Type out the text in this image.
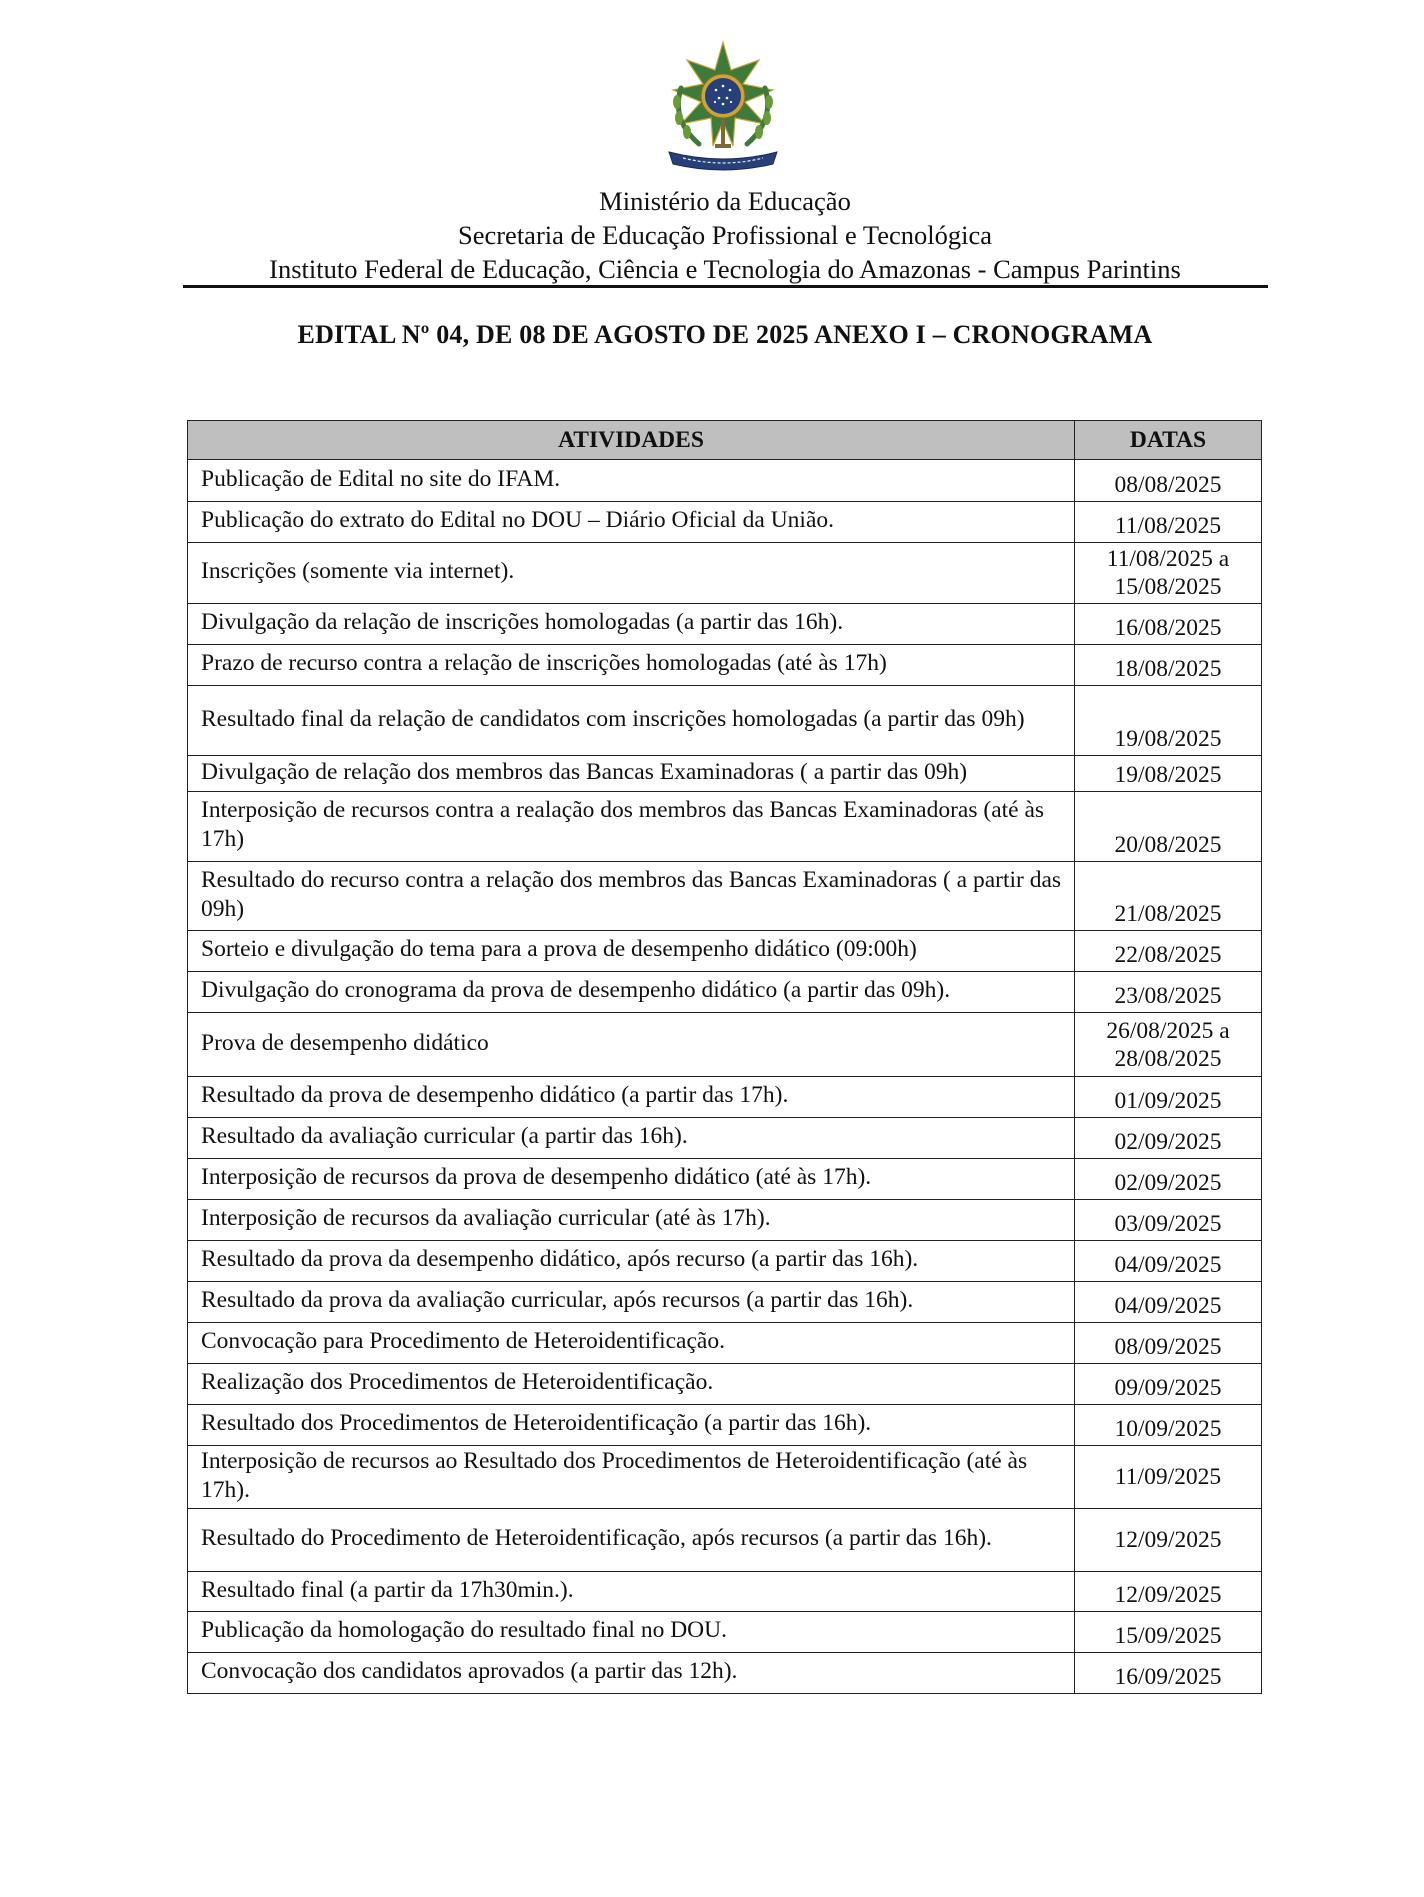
Ministério da Educação
Secretaria de Educação Profissional e Tecnológica
Instituto Federal de Educação, Ciência e Tecnologia do Amazonas - Campus Parintins
EDITAL Nº 04, DE 08 DE AGOSTO DE 2025 ANEXO I – CRONOGRAMA
ATIVIDADES	DATAS
Publicação de Edital no site do IFAM.	08/08/2025
Publicação do extrato do Edital no DOU – Diário Oficial da União.	11/08/2025
Inscrições (somente via internet).	11/08/2025 a 15/08/2025
Divulgação da relação de inscrições homologadas (a partir das 16h).	16/08/2025
Prazo de recurso contra a relação de inscrições homologadas (até às 17h)	18/08/2025
Resultado final da relação de candidatos com inscrições homologadas (a partir das 09h)	19/08/2025
Divulgação de relação dos membros das Bancas Examinadoras ( a partir das 09h)	19/08/2025
Interposição de recursos contra a realação dos membros das Bancas Examinadoras (até às 17h)	20/08/2025
Resultado do recurso contra a relação dos membros das Bancas Examinadoras ( a partir das 09h)	21/08/2025
Sorteio e divulgação do tema para a prova de desempenho didático (09:00h)	22/08/2025
Divulgação do cronograma da prova de desempenho didático (a partir das 09h).	23/08/2025
Prova de desempenho didático	26/08/2025 a 28/08/2025
Resultado da prova de desempenho didático (a partir das 17h).	01/09/2025
Resultado da avaliação curricular (a partir das 16h).	02/09/2025
Interposição de recursos da prova de desempenho didático (até às 17h).	02/09/2025
Interposição de recursos da avaliação curricular (até às 17h).	03/09/2025
Resultado da prova da desempenho didático, após recurso (a partir das 16h).	04/09/2025
Resultado da prova da avaliação curricular, após recursos (a partir das 16h).	04/09/2025
Convocação para Procedimento de Heteroidentificação.	08/09/2025
Realização dos Procedimentos de Heteroidentificação.	09/09/2025
Resultado dos Procedimentos de Heteroidentificação (a partir das 16h).	10/09/2025
Interposição de recursos ao Resultado dos Procedimentos de Heteroidentificação (até às 17h).	11/09/2025
Resultado do Procedimento de Heteroidentificação, após recursos (a partir das 16h).	12/09/2025
Resultado final (a partir da 17h30min.).	12/09/2025
Publicação da homologação do resultado final no DOU.	15/09/2025
Convocação dos candidatos aprovados (a partir das 12h).	16/09/2025
